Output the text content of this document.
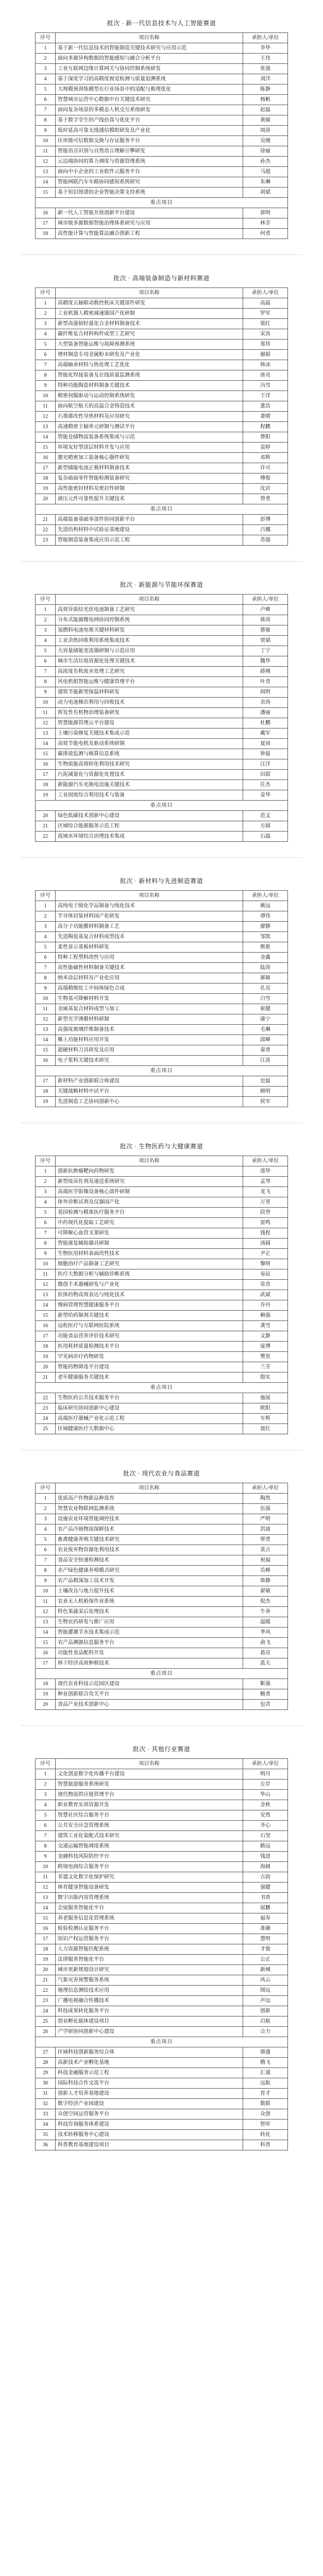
批次 · 新一代信息技术与人工智能赛道
序号	项目名称	承担人/单位
1	基于新一代信息技术的智能制造关键技术研究与应用示范	李华
2	面向多源异构数据的智能感知与融合分析平台	王伟
3	工业互联网边缘计算网关与协同控制系统研发	张强
4	基于深度学习的高精度视觉检测与质量追溯系统	刘洋
5	大规模预训练模型在行业场景中的适配与推理优化	陈静
6	智慧城市运营中心数据中台关键技术研究	杨帆
7	面向复杂场景的多模态人机交互系统研发	赵磊
8	基于数字孪生的产线仿真与优化平台	黄敏
9	低时延高可靠无线通信模组研发及产业化	周涛
10	区块链可信数据交换与存证服务平台	吴刚
11	智能语音识别与自然语言理解引擎研发	徐丽
12	云边端协同的算力调度与资源管理系统	孙杰
13	面向中小企业的工业软件云服务平台	马超
14	智能网联汽车车路协同感知系统研究	朱琳
15	基于知识图谱的企业智能决策支持系统	胡斌
重点项目		
16	新一代人工智能开放创新平台建设	郭明
17	城市级多源数据智能治理体系研究与应用	林芳
18	高性能计算与智能算法融合创新工程	何勇
批次 · 高端装备制造与新材料赛道
序号	项目名称	承担人/单位
1	高精度五轴联动数控机床关键部件研发	高磊
2	工业机器人精密减速器国产化研制	罗军
3	新型高强韧轻量化合金材料制备技术	梁红
4	碳纤维复合材料构件成型工艺研究	宋涛
5	大型装备智能运维与故障预测系统	郑伟
6	增材制造专用金属粉末研发及产业化	谢娟
7	高端轴承材料与热处理工艺优化	韩冰
8	智能化焊接装备及在线质量监测系统	唐亮
9	特种功能陶瓷材料制备关键技术	冯雪
10	精密伺服驱动与运动控制系统研发	于洋
11	面向航空航天的高温合金铸造技术	董浩
12	石墨烯改性导热材料及应用研究	萧晴
13	高速精密主轴单元研制与测试平台	程鹏
14	智能仓储物流装备系统集成与示范	曹阳
15	环境友好型涂层材料开发与应用	袁婷
16	激光精密加工装备核心器件研发	邓辉
17	新型储能电池正极材料制备技术	许可
18	复杂曲面零件智能检测装备研究	傅俊
19	高性能密封材料及密封件研制	沈岩
20	液压元件可靠性提升关键技术	曾勇
重点项目		
21	高端装备基础零部件协同创新平台	彭博
22	先进结构材料中试验证基地建设	吕娜
23	智能制造装备集成应用示范工程	苏强
批次 · 新能源与节能环保赛道
序号	项目名称	承担人/单位
1	高效异质结光伏电池制备工艺研究	卢峰
2	分布式能源微电网协同控制系统	蒋涛
3	氢燃料电池电堆关键材料研发	蔡敏
4	工业余热回收利用系统集成技术	贾斌
5	大容量储能变流器研制与示范应用	丁宁
6	城市生活垃圾资源化处理关键技术	魏华
7	高浓度有机废水处理工艺研究	薛刚
8	风电机组智能运维与健康管理平台	叶青
9	建筑节能新型保温材料研发	阎明
10	动力电池梯次利用与回收技术	余涛
11	挥发性有机物治理装备研发	潘丽
12	智慧能源管理云平台建设	杜鹏
13	土壤污染修复关键技术集成示范	戴军
14	高效节能电机及驱动系统研制	夏雨
15	碳排放监测与核算信息系统	钟磊
16	生物质能高效转化利用技术研究	汪洋
17	污泥减量化与资源化处置技术	田甜
18	新能源汽车充换电设施关键技术	任杰
19	工业固废综合利用技术与装备	姜华
重点项目		
20	绿色低碳技术创新中心建设	范文
21	区域综合能源服务示范工程	方圆
22	流域水环境综合治理技术集成	石磊
批次 · 新材料与先进制造赛道
序号	项目名称	承担人/单位
1	高纯电子级化学品制备与纯化技术	姚远
2	半导体封装材料国产化研发	谭伟
3	高分子功能膜材料制备工艺	廖静
4	先进陶瓷基复合材料成型技术	邹凯
5	柔性显示基板材料研发	熊艳
6	特种工程塑料改性与应用	金鑫
7	高性能磁性材料制备关键技术	陆涛
8	纳米涂层材料及产业化应用	郝敏
9	高端精细化工中间体绿色合成	孔亮
10	生物基可降解材料开发	白雪
11	金属基复合材料成型与加工	崔健
12	新型光学薄膜材料研制	康宁
13	高强度玻璃纤维制备技术	毛琳
14	稀土功能材料应用开发	邱峰
15	超硬材料刀具研发及应用	秦勇
16	电子浆料关键技术研究	江涛
重点项目		
17	新材料产业创新联合体建设	史磊
18	关键战略材料中试平台	顾明
19	先进制造工艺协同创新中心	侯军
批次 · 生物医药与大健康赛道
序号	项目名称	承担人/单位
1	创新抗肿瘤靶向药物研发	邵华
2	新型疫苗佐剂及递送系统研究	孟琴
3	高端医学影像设备核心部件研制	龙飞
4	体外诊断试剂及仪器国产化	万里
5	基因检测与精准医疗服务平台	段誉
6	中药现代化提取工艺研究	雷鸣
7	可降解心血管支架研发	钱程
8	智能康复辅助器具研制	汤圆
9	生物医用材料表面改性技术	尹正
10	细胞治疗产品制备工艺研究	黎明
11	医疗大数据分析与辅助诊断系统	易辰
12	微创手术器械研发与产业化	常青
13	抗体药物高效表达与纯化技术	武斌
14	慢病管理智慧健康服务平台	乔丹
15	新型给药制剂关键技术	赖强
16	远程医疗与互联网医院系统	龚雪
17	功能食品营养评价技术研究	文静
18	医用耗材质量检测技术平台	庞博
19	罕见病诊疗药物研发	樊星
20	智能药物筛选平台建设	兰芳
21	老年健康服务关键技术	殷实
重点项目		
22	生物医药公共技术服务平台	施展
23	临床研究协同创新中心建设	欧阳
24	高端医疗器械产业化示范工程	车辉
25	区域健康医疗大数据中心	聂红
批次 · 现代农业与食品赛道
序号	项目名称	承担人/单位
1	优质高产作物新品种选育	陶然
2	智慧农业物联网监测系统	伍强
3	设施农业环境智能调控技术	严明
4	农产品冷链物流保鲜技术	洪波
5	畜禽健康养殖关键技术研究	覃勇
6	农业废弃物资源化利用技术	莫言
7	食品安全快速检测技术	祝福
8	水产绿色健康养殖模式研究	岳峰
9	农产品精深加工技术开发	柴静
10	土壤改良与地力提升技术	翟敏
11	农业无人机植保作业系统	倪杰
12	特色果蔬采后处理技术	牛奔
13	生物农药研发与推广应用	温暖
14	智能灌溉节水技术集成示范	季风
15	农产品溯源信息服务平台	俞飞
16	功能性食品配料开发	葛亮
17	林下经济高效种植技术	蓝天
重点项目		
18	现代农业科技示范园区建设	靳强
19	种业创新联合攻关平台	鲍勇
20	食品产业技术创新中心	包青
批次 · 其他行业赛道
序号	项目名称	承担人/单位
1	文化创意数字化传播平台建设	明月
2	智慧旅游服务系统研发	左岸
3	现代物流供应链管理平台	华山
4	职业教育实训资源开发	金秋
5	智慧社区综合服务平台	安然
6	公共安全应急管理系统	齐心
7	建筑工业化装配式技术研究	石坚
8	交通运输智能调度系统	路远
9	金融科技风险防控平台	钱进
10	跨境电商综合服务平台	海阔
11	非遗文化数字化保护研究	古韵
12	体育健身智能设备研发	强健
13	数字出版内容管理系统	书香
14	会展服务智能化平台	展鹏
15	养老服务信息化管理系统	福寿
16	检验检测认证服务平台	准确
17	知识产权运营服务平台	慧明
18	人力资源智能匹配系统	才俊
19	法律服务智能化平台	公正
20	城市更新规划设计研究	新城
21	气象灾害预警服务系统	风云
22	地理信息测绘技术应用	图远
23	广播电视融合传播技术	声远
24	科技成果转化服务平台	创新
25	创业孵化载体建设项目	启航
26	产学研协同创新中心建设	合力
重点项目		
27	区域科技创新服务综合体	鼎盛
28	高新技术产业孵化基地	腾飞
29	科技金融服务示范工程	汇通
30	国际科技合作交流平台	远航
31	创新人才培养基地建设	育才
32	数字经济产业园建设	数联
33	众创空间运营服务平台	众创
34	科技咨询服务体系建设	智库
35	技术转移服务中心建设	转化
36	科普教育基地建设项目	科普
